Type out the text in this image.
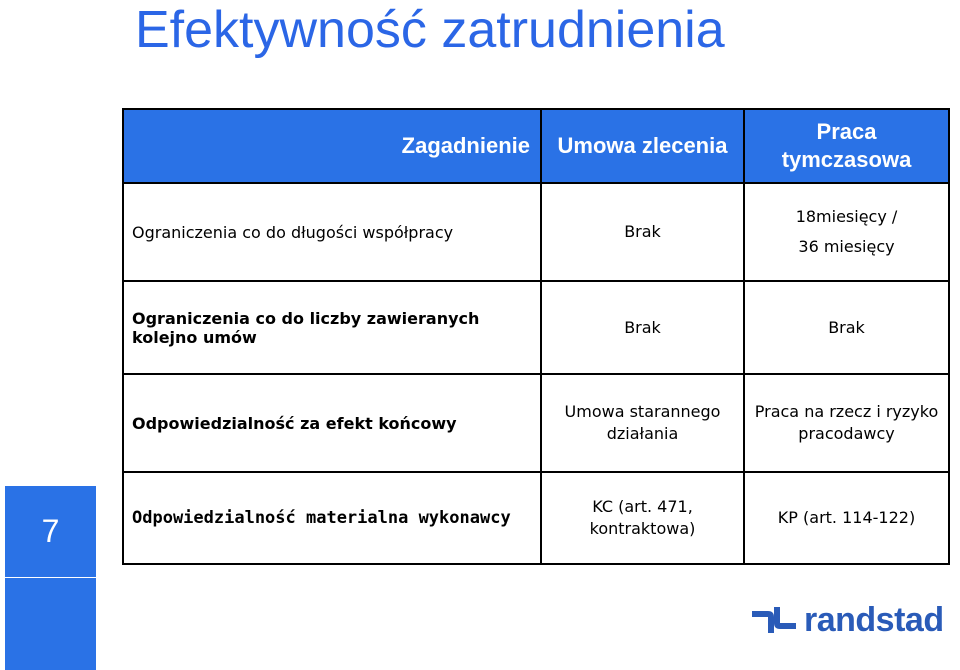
Efektywność zatrudnienia
Zagadnienie	Umowa zlecenia	Praca tymczasowa
Ograniczenia co do długości współpracy	Brak	18miesięcy /
36 miesięcy

Ograniczenia co do liczby zawieranych kolejno umów	Brak	Brak
Odpowiedzialność za efekt końcowy	Umowa starannego działania	Praca na rzecz i ryzyko pracodawcy
Odpowiedzialność materialna wykonawcy	KC (art. 471, kontraktowa)	KP (art. 114-122)
7
randstad
